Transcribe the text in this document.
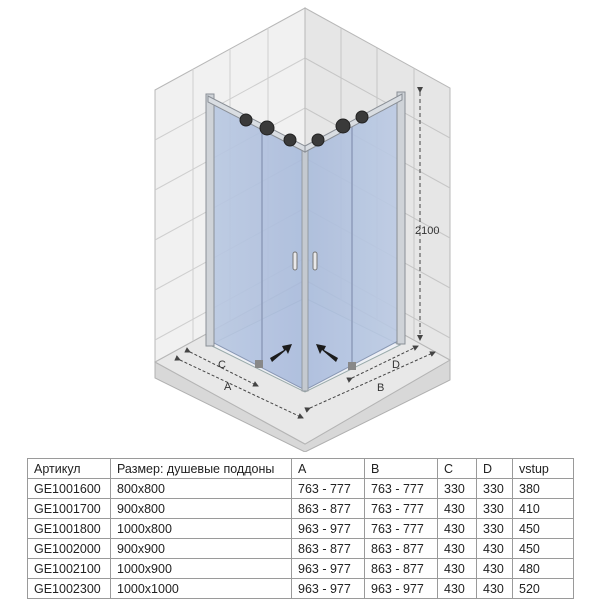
C
A
D
B
2100
Артикул	Размер: душевые поддоны	A	B	C	D	vstup
GE1001600	800x800	763 - 777	763 - 777	330	330	380
GE1001700	900x800	863 - 877	763 - 777	430	330	410
GE1001800	1000x800	963 - 977	763 - 777	430	330	450
GE1002000	900x900	863 - 877	863 - 877	430	430	450
GE1002100	1000x900	963 - 977	863 - 877	430	430	480
GE1002300	1000x1000	963 - 977	963 - 977	430	430	520
